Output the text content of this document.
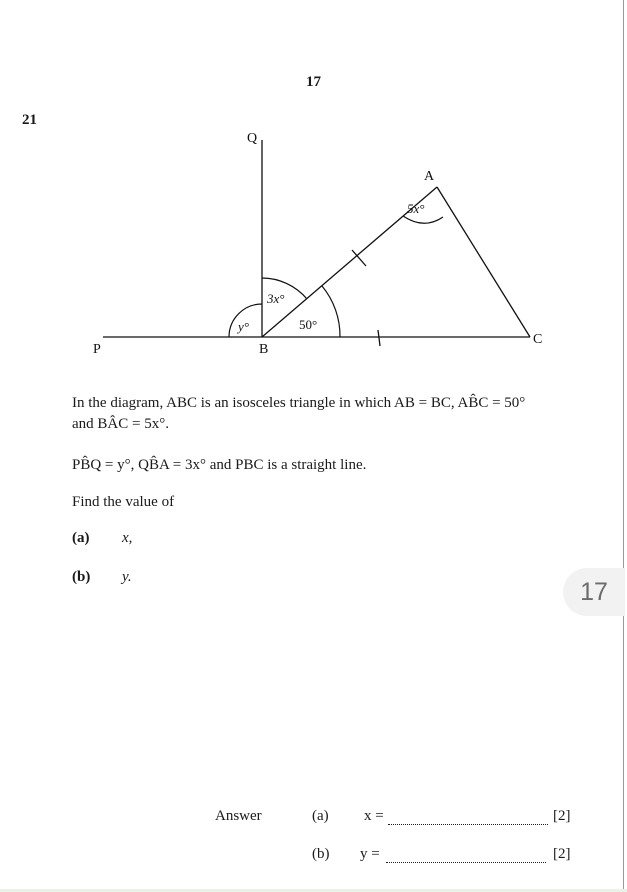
17
21
Q
A
P	B
C
5x°
3x°
y°	50°
In the diagram, ABC is an isosceles triangle in which AB = BC, AB̂C = 50°
and BÂC = 5x°.
PB̂Q = y°, QB̂A = 3x° and PBC is a straight line.
Find the value of
(a) x,
(b) y.
17
Answer	(a) x =	[2]
(b) y =	[2]
